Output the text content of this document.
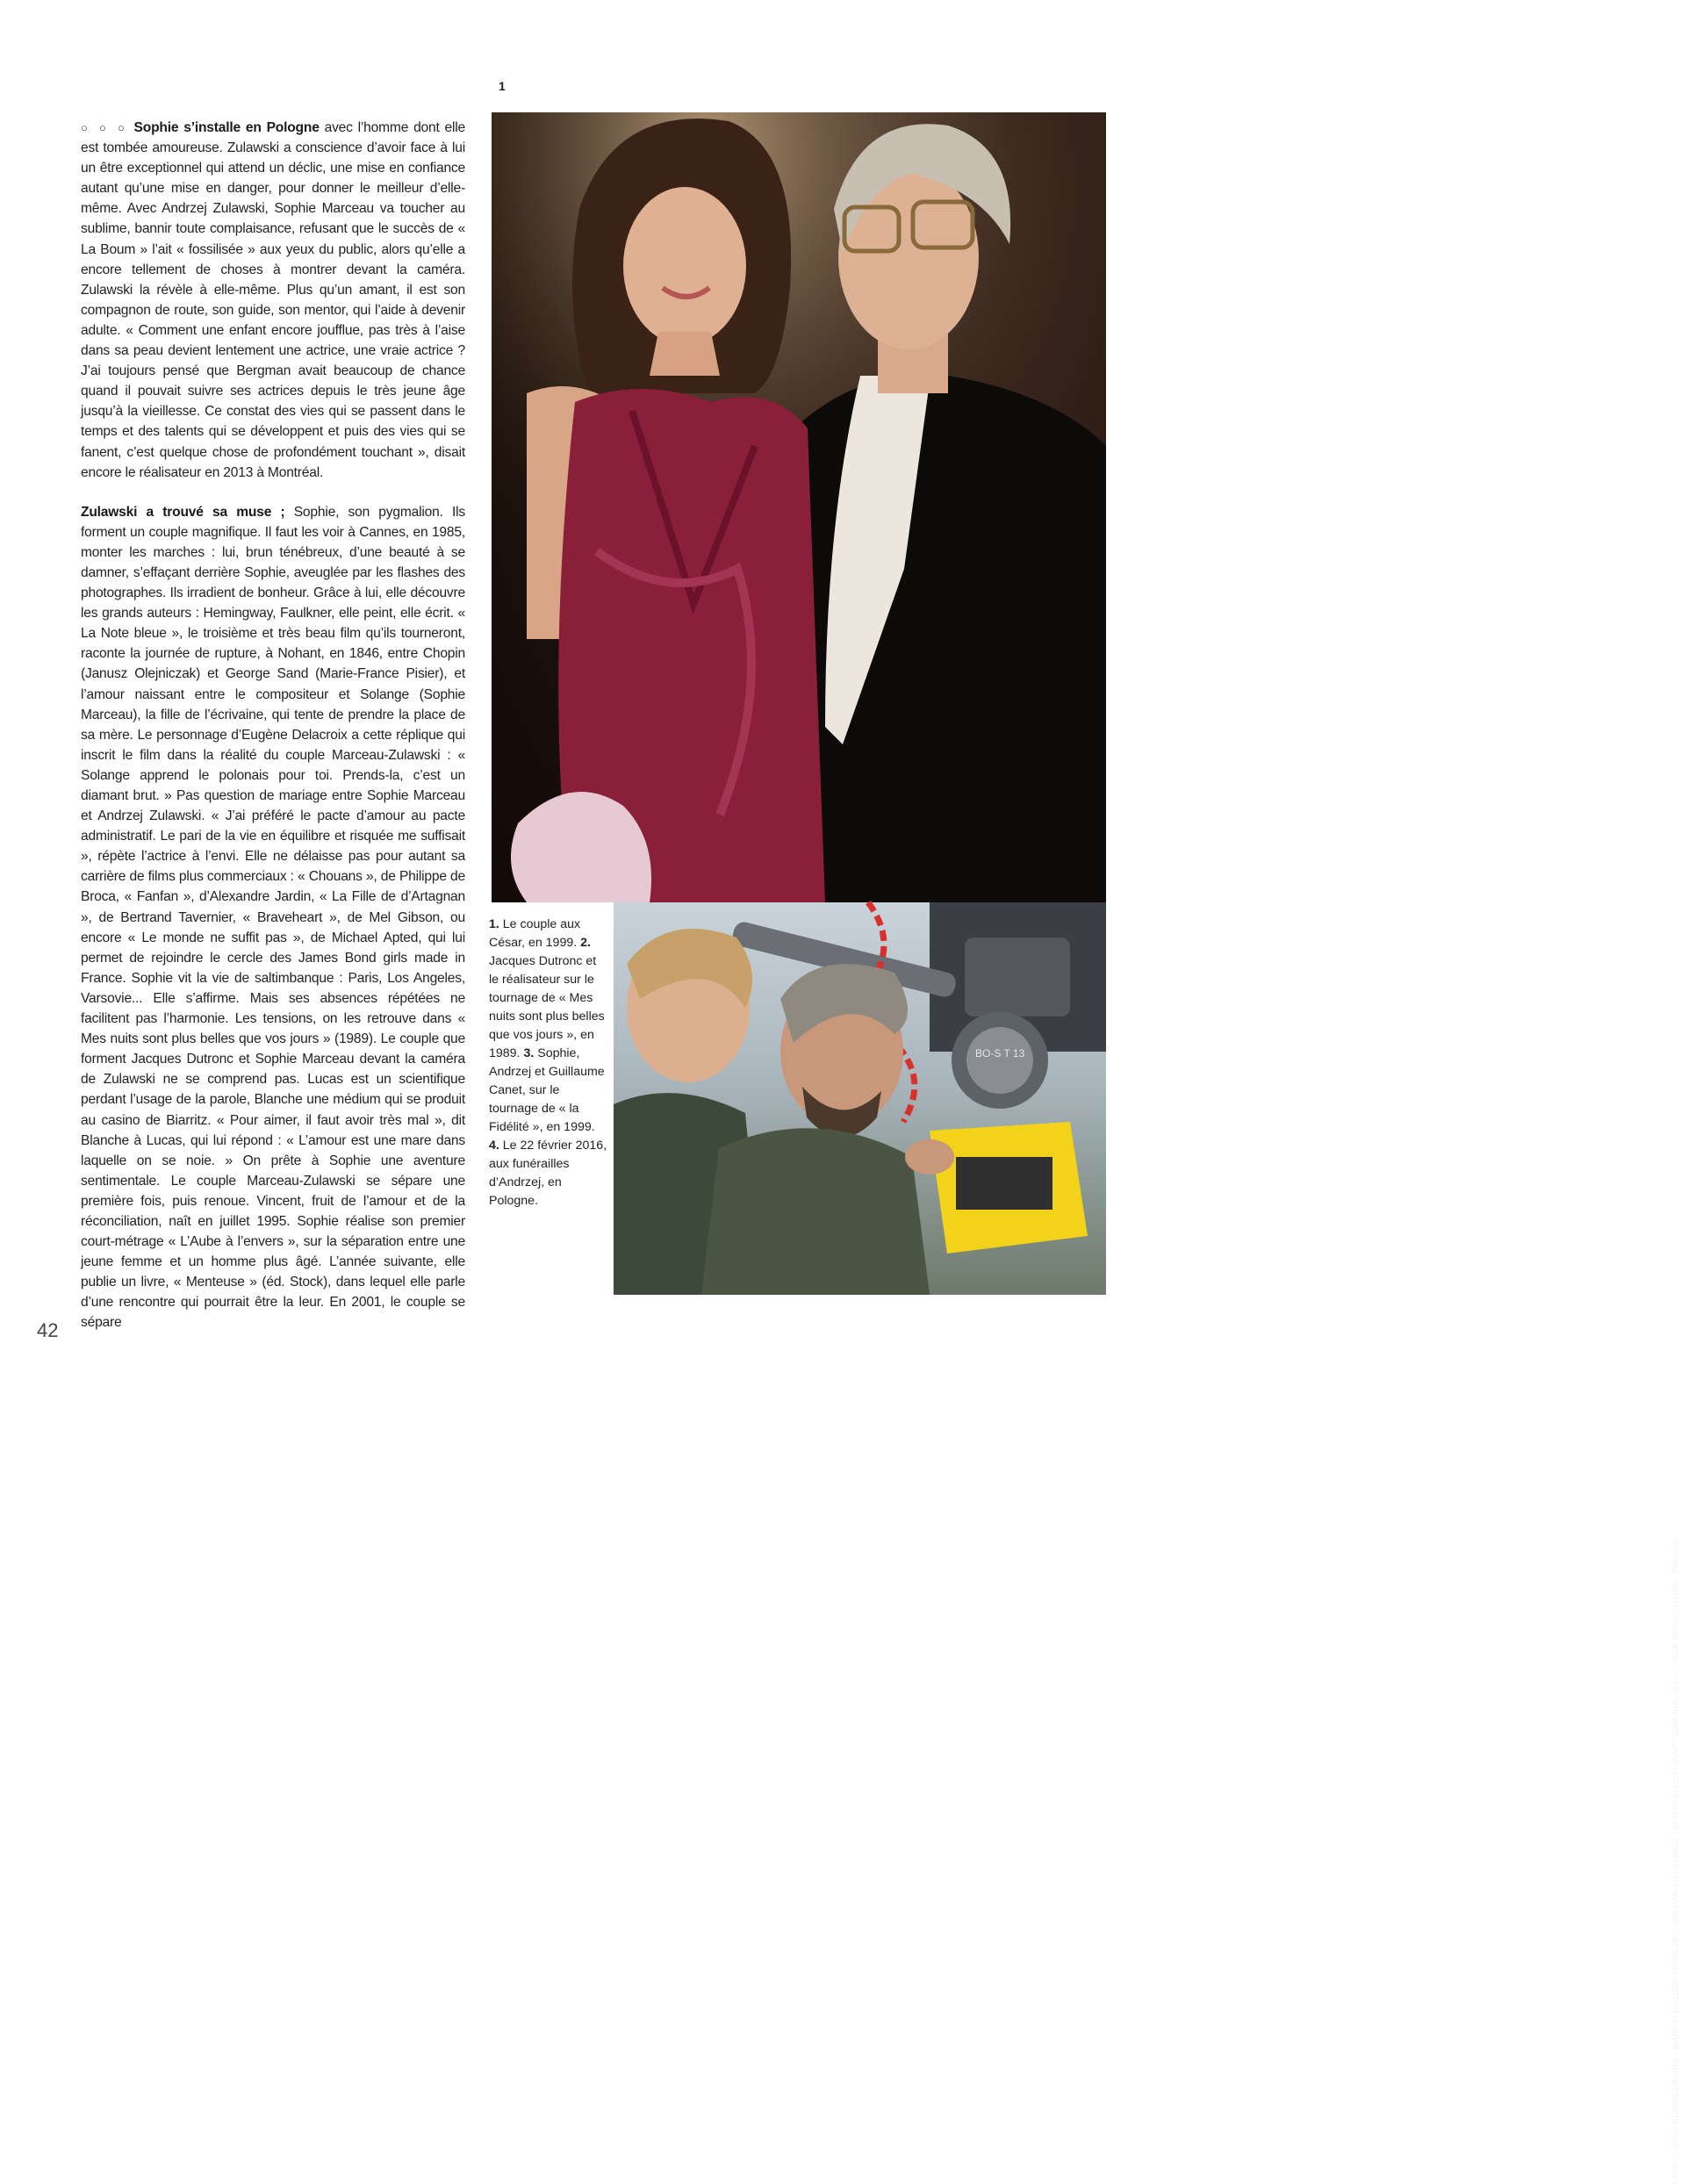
○ ○ ○ Sophie s’installe en Pologne avec l’homme dont elle est tombée amoureuse. Zulawski a conscience d’avoir face à lui un être exceptionnel qui attend un déclic, une mise en confiance autant qu’une mise en danger, pour donner le meilleur d’elle-même. Avec Andrzej Zulawski, Sophie Marceau va toucher au sublime, bannir toute complaisance, refusant que le succès de « La Boum » l’ait « fossilisée » aux yeux du public, alors qu’elle a encore tellement de choses à montrer devant la caméra. Zulawski la révèle à elle-même. Plus qu’un amant, il est son compagnon de route, son guide, son mentor, qui l’aide à devenir adulte. « Comment une enfant encore joufflue, pas très à l’aise dans sa peau devient lentement une actrice, une vraie actrice ? J’ai toujours pensé que Bergman avait beaucoup de chance quand il pouvait suivre ses actrices depuis le très jeune âge jusqu’à la vieillesse. Ce constat des vies qui se passent dans le temps et des talents qui se développent et puis des vies qui se fanent, c’est quelque chose de profondément touchant », disait encore le réalisateur en 2013 à Montréal.

Zulawski a trouvé sa muse ; Sophie, son pygmalion. Ils forment un couple magnifique. Il faut les voir à Cannes, en 1985, monter les marches : lui, brun ténébreux, d’une beauté à se damner, s’effaçant derrière Sophie, aveuglée par les flashes des photographes. Ils irradient de bonheur. Grâce à lui, elle découvre les grands auteurs : Hemingway, Faulkner, elle peint, elle écrit. « La Note bleue », le troisième et très beau film qu’ils tourneront, raconte la journée de rupture, à Nohant, en 1846, entre Chopin (Janusz Olejniczak) et George Sand (Marie-France Pisier), et l’amour naissant entre le compositeur et Solange (Sophie Marceau), la fille de l’écrivaine, qui tente de prendre la place de sa mère. Le personnage d’Eugène Delacroix a cette réplique qui inscrit le film dans la réalité du couple Marceau-Zulawski : « Solange apprend le polonais pour toi. Prends-la, c’est un diamant brut. » Pas question de mariage entre Sophie Marceau et Andrzej Zulawski. « J’ai préféré le pacte d’amour au pacte administratif. Le pari de la vie en équilibre et risquée me suffisait », répète l’actrice à l’envi. Elle ne délaisse pas pour autant sa carrière de films plus commerciaux : « Chouans », de Philippe de Broca, « Fanfan », d’Alexandre Jardin, « La Fille de d’Artagnan », de Bertrand Tavernier, « Braveheart », de Mel Gibson, ou encore « Le monde ne suffit pas », de Michael Apted, qui lui permet de rejoindre le cercle des James Bond girls made in France. Sophie vit la vie de saltimbanque : Paris, Los Angeles, Varsovie... Elle s’affirme. Mais ses absences répétées ne facilitent pas l’harmonie. Les tensions, on les retrouve dans « Mes nuits sont plus belles que vos jours » (1989). Le couple que forment Jacques Dutronc et Sophie Marceau devant la caméra de Zulawski ne se comprend pas. Lucas est un scientifique perdant l’usage de la parole, Blanche une médium qui se produit au casino de Biarritz. « Pour aimer, il faut avoir très mal », dit Blanche à Lucas, qui lui répond : « L’amour est une mare dans laquelle on se noie. » On prête à Sophie une aventure sentimentale. Le couple Marceau-Zulawski se sépare une première fois, puis renoue. Vincent, fruit de l’amour et de la réconciliation, naît en juillet 1995. Sophie réalise son premier court-métrage « L’Aube à l’envers », sur la séparation entre une jeune femme et un homme plus âgé. L’année suivante, elle publie un livre, « Menteuse » (éd. Stock), dans lequel elle parle d’une rencontre qui pourrait être la leur. En 2001, le couple se sépare

1
1. Le couple aux César, en 1999. 2. Jacques Dutronc et le réalisateur sur le tournage de « Mes nuits sont plus belles que vos jours », en 1989. 3. Sophie, Andrzej et Guillaume Canet, sur le tournage de « la Fidélité », en 1999. 4. Le 22 février 2016, aux funérailles d’Andrzej, en Pologne.
BO-S T 13
CHRISTOPHE NEBINGER/SIPA ; MARTIN BECCOUX/RUE DES ARCHIVES/LEEMAGE ; LUC ROUX/SYGMA/SYGMA VIA GETTY ; ALIK KEPLICZ/SIPA ; PRESSE
42
